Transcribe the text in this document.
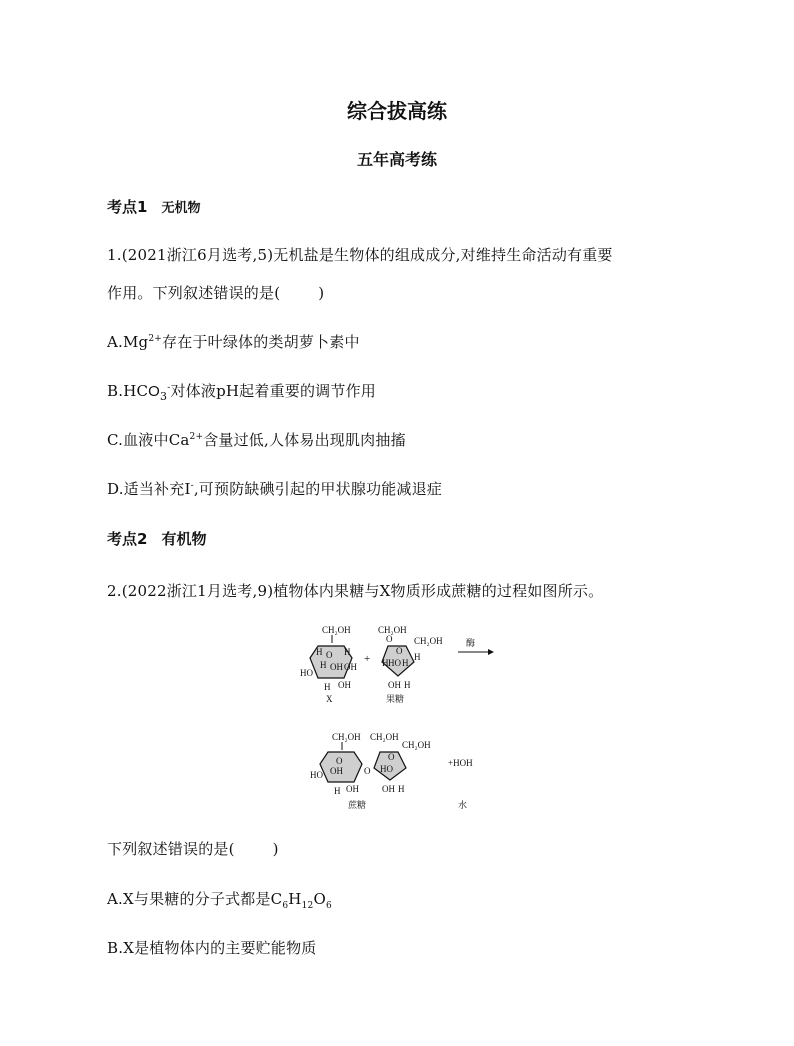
综合拔高练
五年高考练
考点1 无机物
1.(2021浙江6月选考,5)无机盐是生物体的组成成分,对维持生命活动有重要
作用。下列叙述错误的是(	)
$A.Mg^{2+}$存在于叶绿体的类胡萝卜素中
$B.HCO_3^-$对体液pH起着重要的调节作用
C.血液中$Ca^{2+}$含量过低,人体易出现肌肉抽搐
D.适当补充I-,可预防缺碘引起的甲状腺功能减退症
考点2 有机物
2.(2022浙江1月选考,9)植物体内果糖与X物质形成蔗糖的过程如图所示。
CH₂OH
O
H OH
H H
OH
HO
H OH
X
+
CH₂OH
O
O
H HO H
CH₂OH
H
OH H
果糖
酶
CH₂OH
O
OH
HO
H OH
O
CH₂OH
O
HO
CH₂OH
OH H
蔗糖
+HOH
水
下列叙述错误的是(	)
A.X与果糖的分子式都是$C_6H_{12}O_6$
B.X是植物体内的主要贮能物质
